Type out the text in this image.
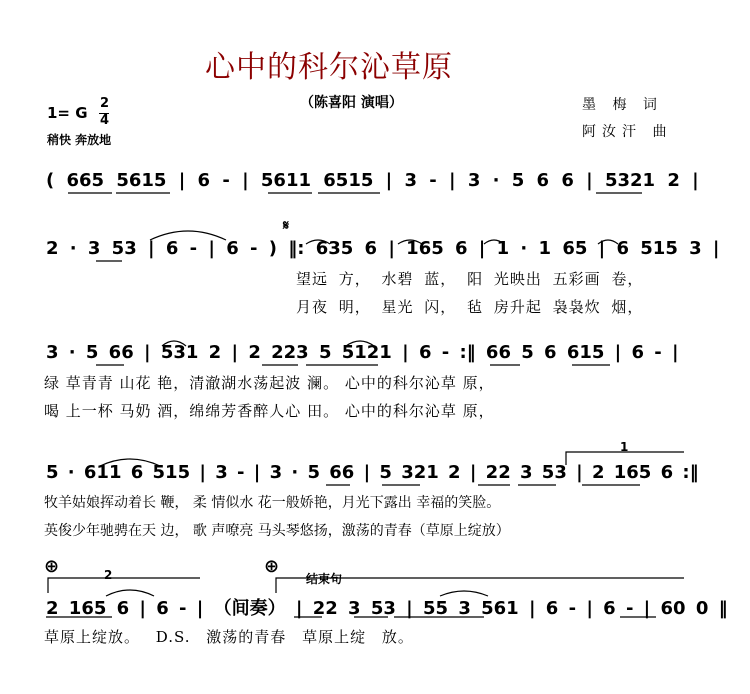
心中的科尔沁草原
（陈喜阳 演唱）	墨 梅 词
阿汝汗 曲
1= G
2
4
稍快 奔放地
( 665 5615 | 6 - | 5611 6515 | 3 - | 3 · 5 6 6 | 5321 2 |
𝄋
2 · 3 53 | 6 - | 6 - ) ‖: 635 6 | 165 6 | 1 · 1 65 | 6 515 3 |
望远 方， 水碧 蓝， 阳 光映出 五彩画 卷，
月夜 明， 星光 闪， 毡 房升起 袅袅炊 烟，
3 · 5 66 | 531 2 | 2 223 5 5121 | 6 - :‖ 66 5 6 615 | 6 - |
绿 草青青 山花 艳，清澈湖水荡起波 澜。 心中的科尔沁草 原，
喝 上一杯 马奶 酒，绵绵芳香醉人心 田。 心中的科尔沁草 原，
1
5 · 611 6 515 | 3 - | 3 · 5 66 | 5 321 2 | 22 3 53 | 2 165 6 :‖
牧羊姑娘挥动着长 鞭， 柔 情似水 花一般娇艳，月光下露出 幸福的笑脸。
英俊少年驰骋在天 边， 歌 声嘹亮 马头琴悠扬，激荡的青春（草原上绽放）
⊕	⊕
2	结束句
2 165 6 | 6 - | （间奏） | 22 3 53 | 55 3 561 | 6 - | 6 - | 60 0 ‖
草原上绽放。 D.S. 激荡的青春 草原上绽 放。
